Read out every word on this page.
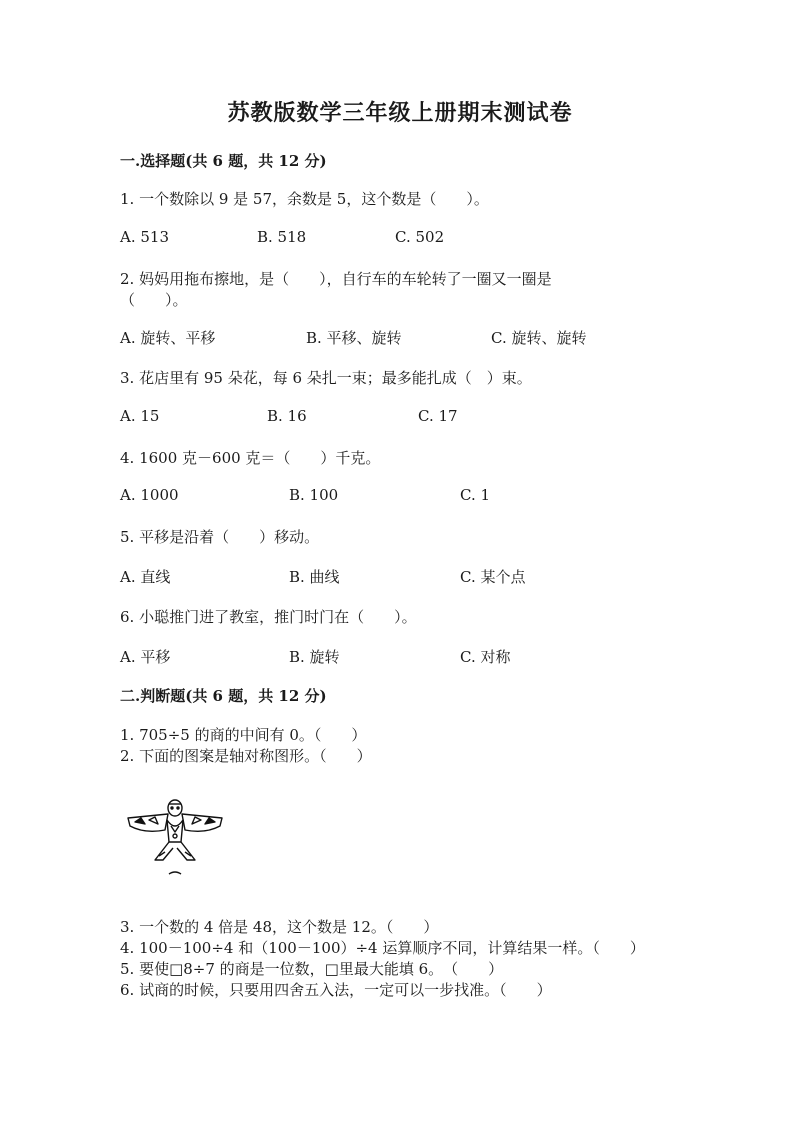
苏教版数学三年级上册期末测试卷
一.选择题(共 6 题，共 12 分)
1. 一个数除以 9 是 57，余数是 5，这个数是（　　）。
A. 513	B. 518	C. 502
2. 妈妈用拖布擦地，是（　　），自行车的车轮转了一圈又一圈是
（　　）。
A. 旋转、平移	B. 平移、旋转	C. 旋转、旋转
3. 花店里有 95 朵花，每 6 朵扎一束；最多能扎成（　）束。
A. 15	B. 16	C. 17
4. 1600 克－600 克＝（　　）千克。
A. 1000	B. 100	C. 1
5. 平移是沿着（　　）移动。
A. 直线	B. 曲线	C. 某个点
6. 小聪推门进了教室，推门时门在（　　）。
A. 平移	B. 旋转	C. 对称
二.判断题(共 6 题，共 12 分)
1. 705÷5 的商的中间有 0。（　　）
2. 下面的图案是轴对称图形。（　　）
3. 一个数的 4 倍是 48，这个数是 12。（　　）
4. 100－100÷4 和（100－100）÷4 运算顺序不同，计算结果一样。（　　）
5. 要使□8÷7 的商是一位数，□里最大能填 6。　（　　）
6. 试商的时候，只要用四舍五入法，一定可以一步找准。（　　）
